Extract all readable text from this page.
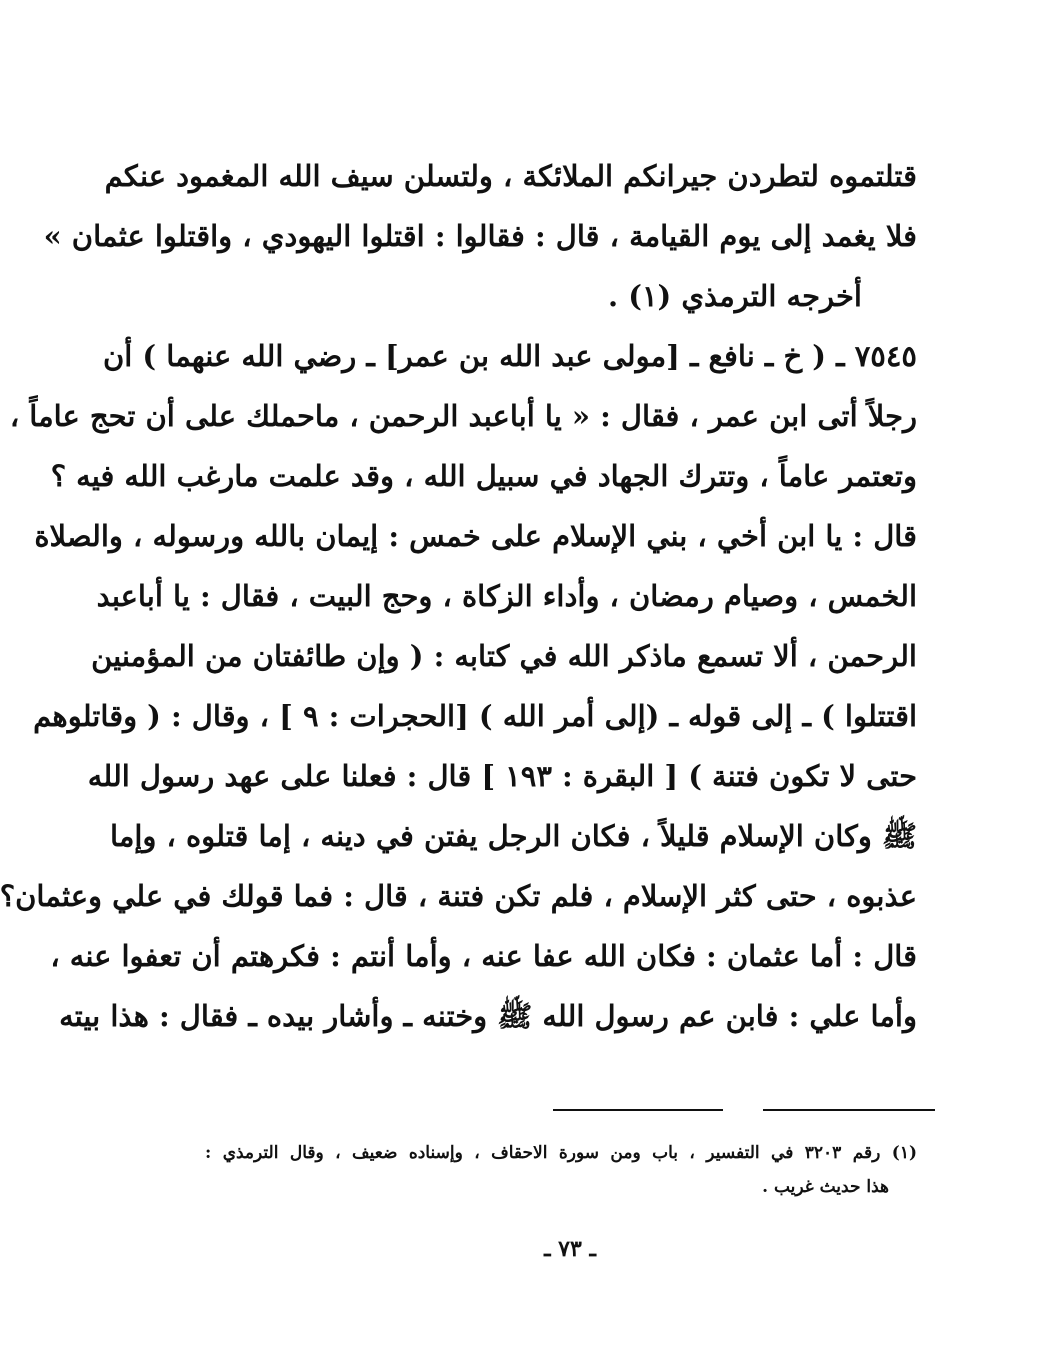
قتلتموه لتطردن جيرانكم الملائكة ، ولتسلن سيف الله المغمود عنكم
فلا يغمد إلى يوم القيامة ، قال : فقالوا : اقتلوا اليهودي ، واقتلوا عثمان »
أخرجه الترمذي (١) .
٧٥٤٥ ـ ( خ ـ نافع ـ [مولى عبد الله بن عمر] ـ رضي الله عنهما ) أن
رجلاً أتى ابن عمر ، فقال : « يا أباعبد الرحمن ، ماحملك على أن تحج عاماً ،
وتعتمر عاماً ، وتترك الجهاد في سبيل الله ، وقد علمت مارغب الله فيه ؟
قال : يا ابن أخي ، بني الإسلام على خمس : إيمان بالله ورسوله ، والصلاة
الخمس ، وصيام رمضان ، وأداء الزكاة ، وحج البيت ، فقال : يا أباعبد
الرحمن ، ألا تسمع ماذكر الله في كتابه : ( وإن طائفتان من المؤمنين
اقتتلوا ) ـ إلى قوله ـ (إلى أمر الله ) [الحجرات : ٩ ] ، وقال : ( وقاتلوهم
حتى لا تكون فتنة ) [ البقرة : ١٩٣ ] قال : فعلنا على عهد رسول الله
ﷺ وكان الإسلام قليلاً ، فكان الرجل يفتن في دينه ، إما قتلوه ، وإما
عذبوه ، حتى كثر الإسلام ، فلم تكن فتنة ، قال : فما قولك في علي وعثمان؟
قال : أما عثمان : فكان الله عفا عنه ، وأما أنتم : فكرهتم أن تعفوا عنه ،
وأما علي : فابن عم رسول الله ﷺ وختنه ـ وأشار بيده ـ فقال : هذا بيته
(١) رقم ٣٢٠٣ في التفسير ، باب ومن سورة الاحقاف ، وإسناده ضعيف ، وقال الترمذي :
هذا حديث غريب .
ـ ٧٣ ـ
